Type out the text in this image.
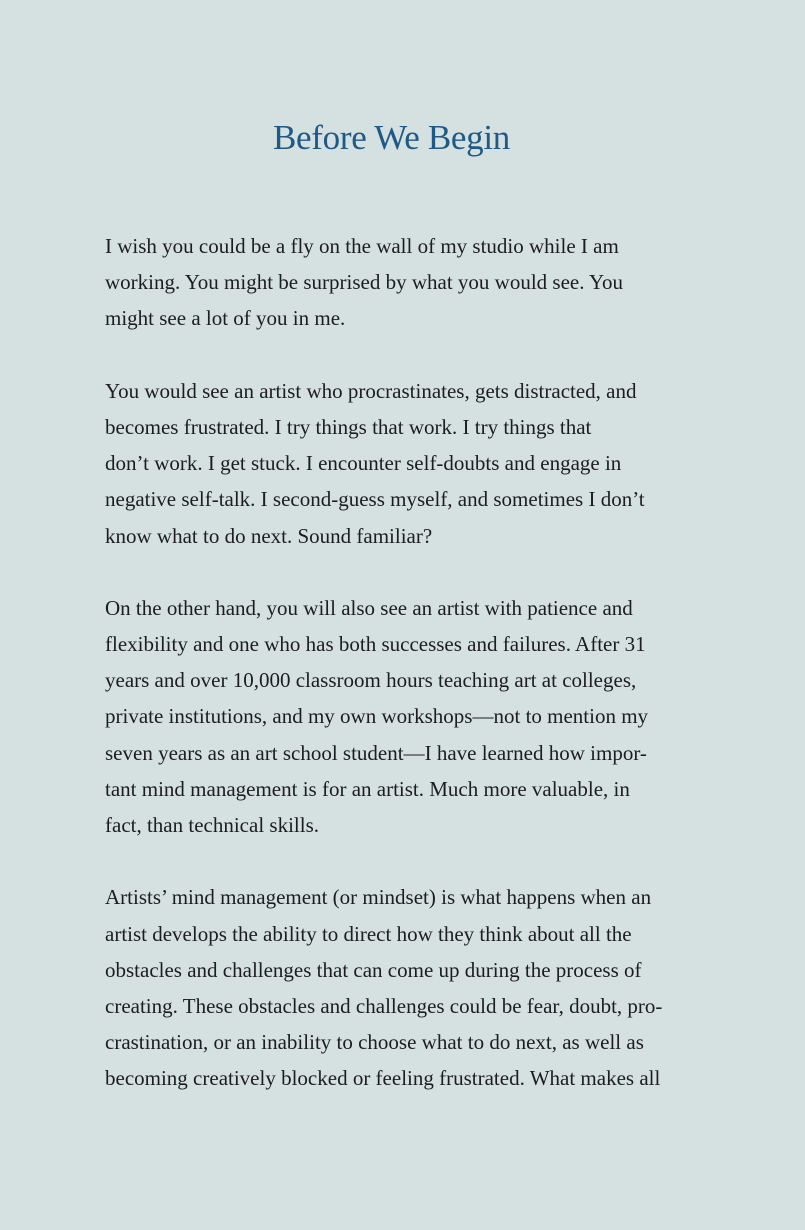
Before We Begin

I wish you could be a fly on the wall of my studio while I am
working. You might be surprised by what you would see. You
might see a lot of you in me.

You would see an artist who procrastinates, gets distracted, and
becomes frustrated. I try things that work. I try things that
don’t work. I get stuck. I encounter self-doubts and engage in
negative self-talk. I second-guess myself, and sometimes I don’t
know what to do next. Sound familiar?

On the other hand, you will also see an artist with patience and
flexibility and one who has both successes and failures. After 31
years and over 10,000 classroom hours teaching art at colleges,
private institutions, and my own workshops—not to mention my
seven years as an art school student—I have learned how impor-
tant mind management is for an artist. Much more valuable, in
fact, than technical skills.

Artists’ mind management (or mindset) is what happens when an
artist develops the ability to direct how they think about all the
obstacles and challenges that can come up during the process of
creating. These obstacles and challenges could be fear, doubt, pro-
crastination, or an inability to choose what to do next, as well as
becoming creatively blocked or feeling frustrated. What makes all
